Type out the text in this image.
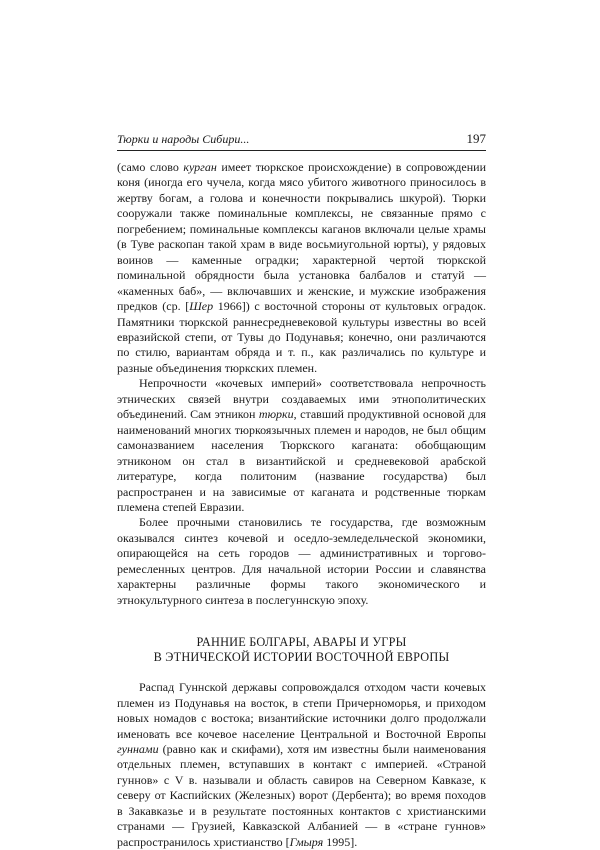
Тюрки и народы Сибири...	197

(само слово курган имеет тюркское происхождение) в сопровождении коня (иногда его чучела, когда мясо убитого животного приносилось в жертву богам, а голова и конечности покрывались шкурой). Тюрки сооружали также поминальные комплексы, не связанные прямо с погребением; поминальные комплексы каганов включали целые храмы (в Туве раскопан такой храм в виде восьмиугольной юрты), у рядовых воинов — каменные оградки; характерной чертой тюркской поминальной обрядности была установка балбалов и статуй — «каменных баб», — включавших и женские, и мужские изображения предков (ср. [Шер 1966]) с восточной стороны от культовых оградок. Памятники тюркской раннесредневековой культуры известны во всей евразийской степи, от Тувы до Подунавья; конечно, они различаются по стилю, вариантам обряда и т. п., как различались по культуре и разные объединения тюркских племен.

Непрочности «кочевых империй» соответствовала непрочность этнических связей внутри создаваемых ими этнополитических объединений. Сам этникон тюрки, ставший продуктивной основой для наименований многих тюркоязычных племен и народов, не был общим самоназванием населения Тюркского каганата: обобщающим этниконом он стал в византийской и средневековой арабской литературе, когда политоним (название государства) был распространен и на зависимые от каганата и родственные тюркам племена степей Евразии.

Более прочными становились те государства, где возможным оказывался синтез кочевой и оседло-земледельческой экономики, опирающейся на сеть городов — административных и торгово-ремесленных центров. Для начальной истории России и славянства характерны различные формы такого экономического и этнокультурного синтеза в послегуннскую эпоху.

РАННИЕ БОЛГАРЫ, АВАРЫ И УГРЫ
В ЭТНИЧЕСКОЙ ИСТОРИИ ВОСТОЧНОЙ ЕВРОПЫ

Распад Гуннской державы сопровождался отходом части кочевых племен из Подунавья на восток, в степи Причерноморья, и приходом новых номадов с востока; византийские источники долго продолжали именовать все кочевое население Центральной и Восточной Европы гуннами (равно как и скифами), хотя им известны были наименования отдельных племен, вступавших в контакт с империей. «Страной гуннов» с V в. называли и область савиров на Северном Кавказе, к северу от Каспийских (Железных) ворот (Дербента); во время походов в Закавказье и в результате постоянных контактов с христианскими странами — Грузией, Кавказской Албанией — в «стране гуннов» распространилось христианство [Гмыря 1995].
